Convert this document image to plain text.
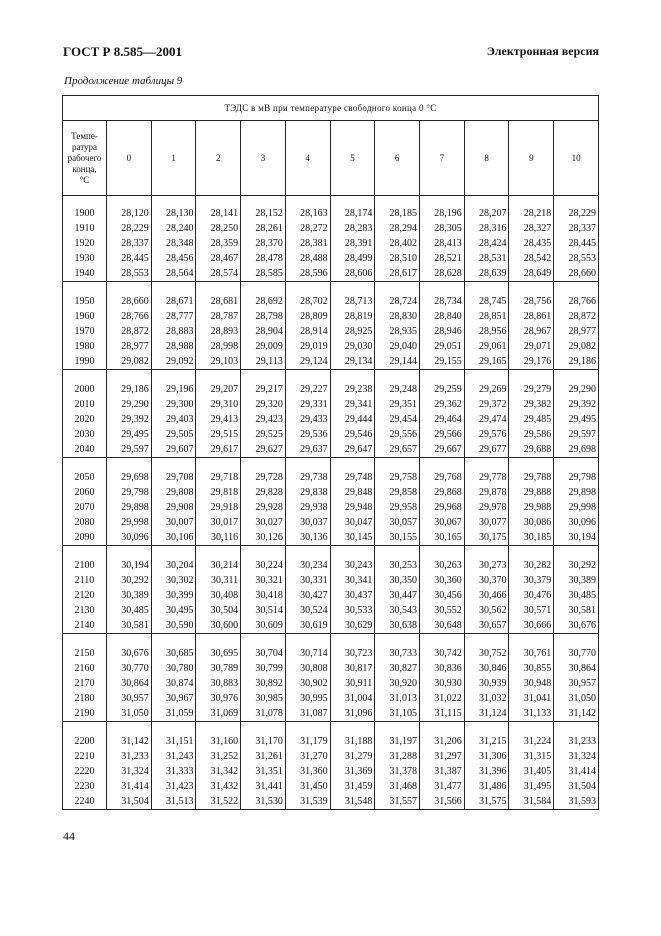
ГОСТ Р 8.585—2001	Электронная версия
Продолжение таблицы 9
ТЭДС в мВ при температуре свободного конца 0 °С											

Темпе-
ратура
рабочего
конца,
°С	0	1	2	3	4	5	6	7	8	9	10

1900	28,120	28,130	28,141	28,152	28,163	28,174	28,185	28,196	28,207	28,218	28,229
1910	28,229	28,240	28,250	28,261	28,272	28,283	28,294	28,305	28,316	28,327	28,337
1920	28,337	28,348	28,359	28,370	28,381	28,391	28,402	28,413	28,424	28,435	28,445
1930	28,445	28,456	28,467	28,478	28,488	28,499	28,510	28,521	28,531	28,542	28,553
1940	28,553	28,564	28,574	28,585	28,596	28,606	28,617	28,628	28,639	28,649	28,660

1950	28,660	28,671	28,681	28,692	28,702	28,713	28,724	28,734	28,745	28,756	28,766
1960	28,766	28,777	28,787	28,798	28,809	28,819	28,830	28,840	28,851	28,861	28,872
1970	28,872	28,883	28,893	28,904	28,914	28,925	28,935	28,946	28,956	28,967	28,977
1980	28,977	28,988	28,998	29,009	29,019	29,030	29,040	29,051	29,061	29,071	29,082
1990	29,082	29,092	29,103	29,113	29,124	29,134	29,144	29,155	29,165	29,176	29,186

2000	29,186	29,196	29,207	29,217	29,227	29,238	29,248	29,259	29,269	29,279	29,290
2010	29,290	29,300	29,310	29,320	29,331	29,341	29,351	29,362	29,372	29,382	29,392
2020	29,392	29,403	29,413	29,423	29,433	29,444	29,454	29,464	29,474	29,485	29,495
2030	29,495	29,505	29,515	29,525	29,536	29,546	29,556	29,566	29,576	29,586	29,597
2040	29,597	29,607	29,617	29,627	29,637	29,647	29,657	29,667	29,677	29,688	29,698

2050	29,698	29,708	29,718	29,728	29,738	29,748	29,758	29,768	29,778	29,788	29,798
2060	29,798	29,808	29,818	29,828	29,838	29,848	29,858	29,868	29,878	29,888	29,898
2070	29,898	29,908	29,918	29,928	29,938	29,948	29,958	29,968	29,978	29,988	29,998
2080	29,998	30,007	30,017	30,027	30,037	30,047	30,057	30,067	30,077	30,086	30,096
2090	30,096	30,106	30,116	30,126	30,136	30,145	30,155	30,165	30,175	30,185	30,194

2100	30,194	30,204	30,214	30,224	30,234	30,243	30,253	30,263	30,273	30,282	30,292
2110	30,292	30,302	30,311	30,321	30,331	30,341	30,350	30,360	30,370	30,379	30,389
2120	30,389	30,399	30,408	30,418	30,427	30,437	30,447	30,456	30,466	30,476	30,485
2130	30,485	30,495	30,504	30,514	30,524	30,533	30,543	30,552	30,562	30,571	30,581
2140	30,581	30,590	30,600	30,609	30,619	30,629	30,638	30,648	30,657	30,666	30,676

2150	30,676	30,685	30,695	30,704	30,714	30,723	30,733	30,742	30,752	30,761	30,770
2160	30,770	30,780	30,789	30,799	30,808	30,817	30,827	30,836	30,846	30,855	30,864
2170	30,864	30,874	30,883	30,892	30,902	30,911	30,920	30,930	30,939	30,948	30,957
2180	30,957	30,967	30,976	30,985	30,995	31,004	31,013	31,022	31,032	31,041	31,050
2190	31,050	31,059	31,069	31,078	31,087	31,096	31,105	31,115	31,124	31,133	31,142

2200	31,142	31,151	31,160	31,170	31,179	31,188	31,197	31,206	31,215	31,224	31,233
2210	31,233	31,243	31,252	31,261	31,270	31,279	31,288	31,297	31,306	31,315	31,324
2220	31,324	31,333	31,342	31,351	31,360	31,369	31,378	31,387	31,396	31,405	31,414
2230	31,414	31,423	31,432	31,441	31,450	31,459	31,468	31,477	31,486	31,495	31,504
2240	31,504	31,513	31,522	31,530	31,539	31,548	31,557	31,566	31,575	31,584	31,593
44
